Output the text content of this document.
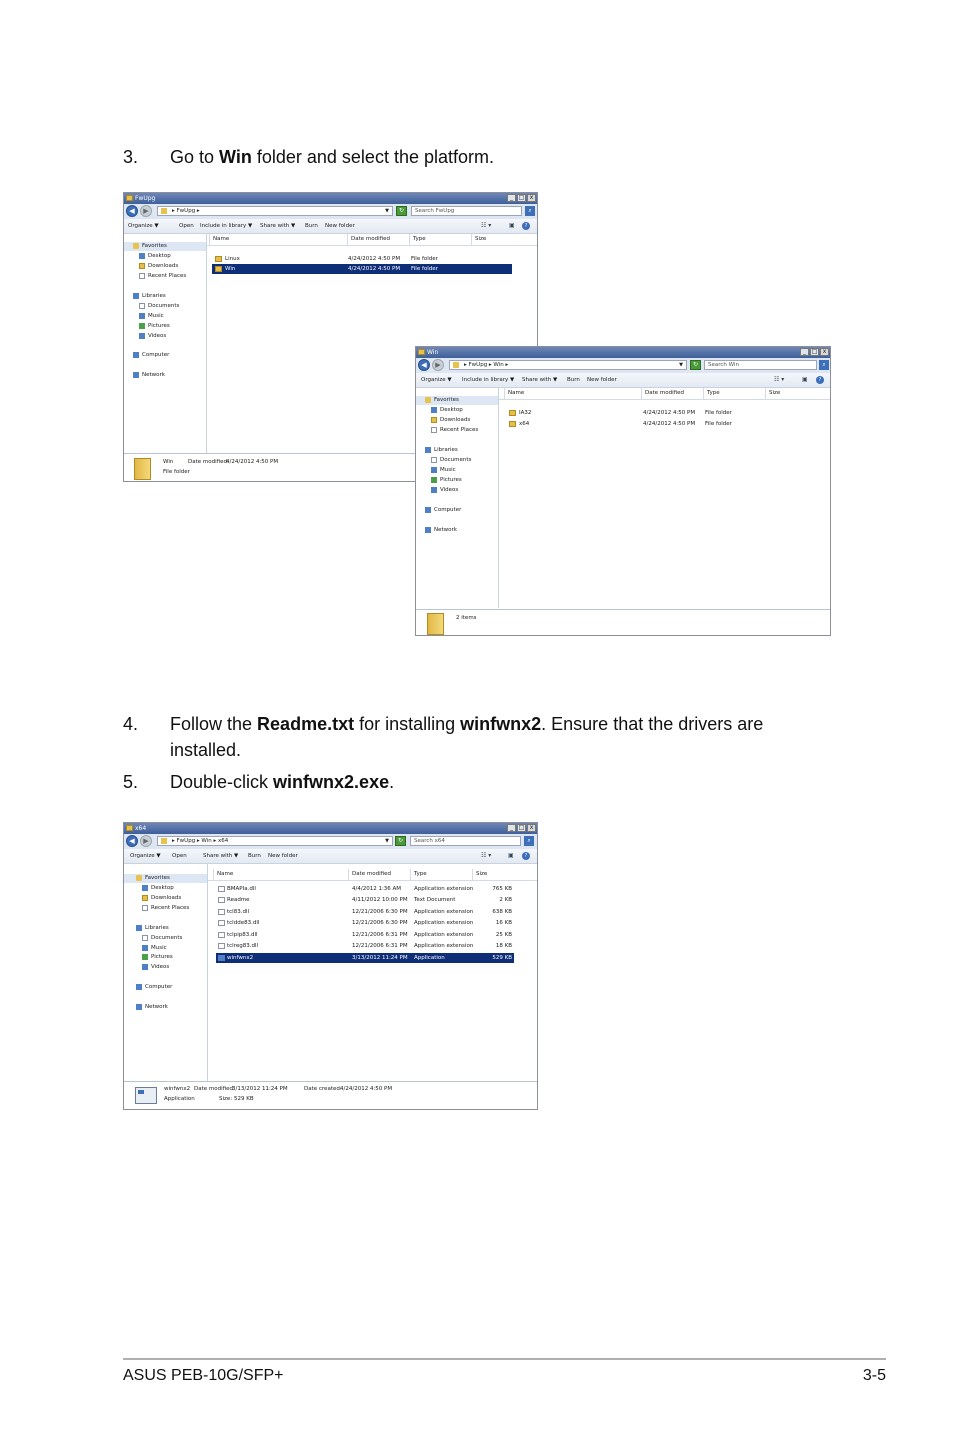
3. Go to Win folder and select the platform.
FwUpg	_ □ x
◀	▶	▸ FwUpg ▸	▼	↻	Search FwUpg	⌕
Organize ▼	Open Include in library ▼ Share with ▼ Burn New folder	☷ ▾	▣	?
Favorites
Desktop
Downloads
Recent Places
Libraries
Documents
Music
Pictures
Videos
Computer
Network
Name	Date modified	Type	Size
Linux	4/24/2012 4:50 PM File folder
Win	4/24/2012 4:50 PM File folder
Win	Date modified:
4/24/2012 4:50 PM
File folder
Win	_ □ x
◀	▶	▸ FwUpg ▸ Win ▸	▼	↻	Search Win	⌕
Organize ▼ Include in library ▼ Share with ▼ Burn New folder	☷ ▾	▣	?
Favorites
Desktop
Downloads
Recent Places
Libraries
Documents
Music
Pictures
Videos
Computer
Network
Name	Date modified	Type	Size
IA32	4/24/2012 4:50 PM File folder
x64	4/24/2012 4:50 PM File folder
2 items
4. Follow the Readme.txt for installing winfwnx2. Ensure that the drivers are installed.
5. Double-click winfwnx2.exe.
x64	_ □ x
◀	▶	▸ FwUpg ▸ Win ▸ x64	▼	↻	Search x64	⌕
Organize ▼ Open	Share with ▼ Burn New folder	☷ ▾	▣	?
Favorites
Desktop
Downloads
Recent Places
Libraries
Documents
Music
Pictures
Videos
Computer
Network
Name	Date modified	Type	Size
BMAPIa.dll	4/4/2012 1:36 AM Application extension	765 KB
Readme	4/11/2012 10:00 PM Text Document	2 KB
tcl83.dll	12/21/2006 6:30 PM Application extension	638 KB
tcldde83.dll	12/21/2006 6:30 PM Application extension	16 KB
tclpip83.dll	12/21/2006 6:31 PM Application extension	25 KB
tclreg83.dll	12/21/2006 6:31 PM Application extension	18 KB
winfwnx2	3/13/2012 11:24 PM Application	529 KB
winfwnx2 Date modified:
3/13/2012 11:24 PM	Date created:
4/24/2012 4:50 PM
Application	Size: 529 KB
ASUS PEB-10G/SFP+	3-5
